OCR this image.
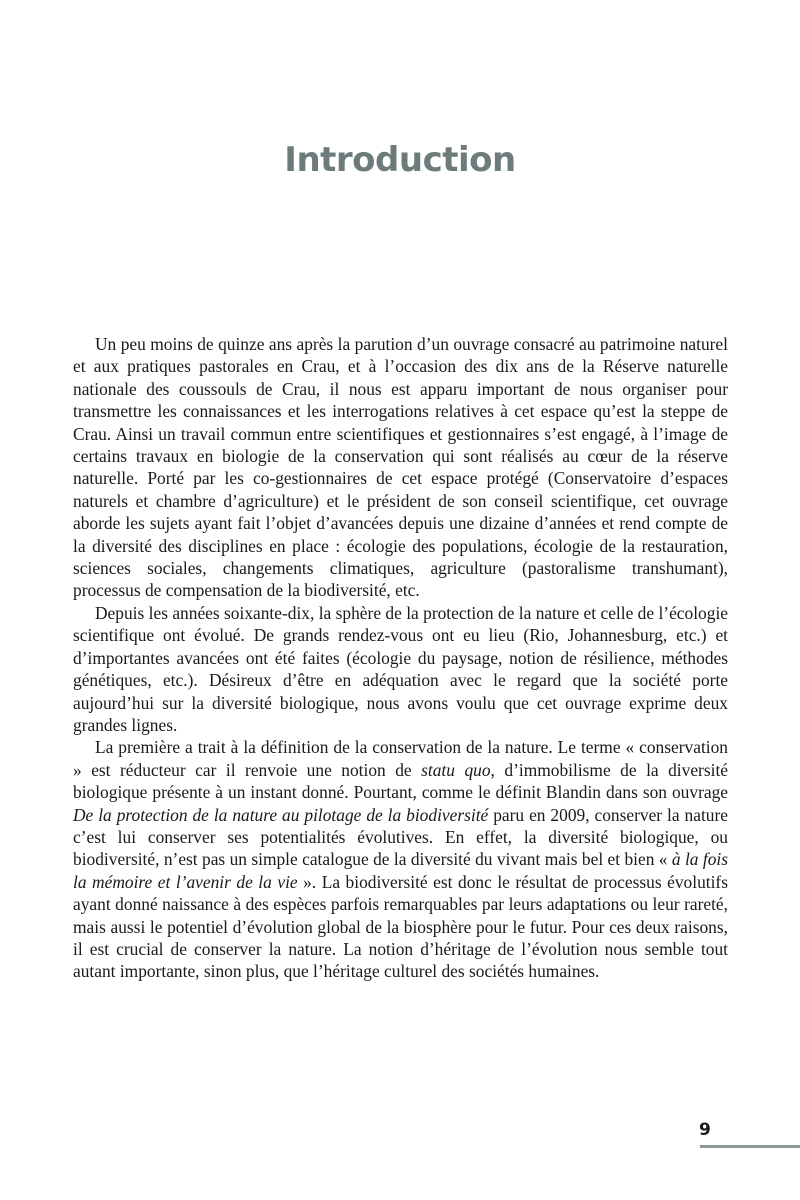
Introduction

Un peu moins de quinze ans après la parution d’un ouvrage consacré au patrimoine naturel et aux pratiques pastorales en Crau, et à l’occasion des dix ans de la Réserve naturelle nationale des coussouls de Crau, il nous est apparu important de nous organiser pour transmettre les connaissances et les interrogations relatives à cet espace qu’est la steppe de Crau. Ainsi un travail commun entre scientifiques et gestionnaires s’est engagé, à l’image de certains travaux en biologie de la conservation qui sont réalisés au cœur de la réserve naturelle. Porté par les co-gestionnaires de cet espace protégé (Conservatoire d’espaces naturels et chambre d’agriculture) et le président de son conseil scientifique, cet ouvrage aborde les sujets ayant fait l’objet d’avancées depuis une dizaine d’années et rend compte de la diversité des disciplines en place : écologie des populations, écologie de la restauration, sciences sociales, changements climatiques, agriculture (pastoralisme transhumant), processus de compensation de la biodiversité, etc.

Depuis les années soixante-dix, la sphère de la protection de la nature et celle de l’écologie scientifique ont évolué. De grands rendez-vous ont eu lieu (Rio, Johannesburg, etc.) et d’importantes avancées ont été faites (écologie du paysage, notion de résilience, méthodes génétiques, etc.). Désireux d’être en adéquation avec le regard que la société porte aujourd’hui sur la diversité biologique, nous avons voulu que cet ouvrage exprime deux grandes lignes.

La première a trait à la définition de la conservation de la nature. Le terme « conservation » est réducteur car il renvoie une notion de statu quo, d’immobilisme de la diversité biologique présente à un instant donné. Pourtant, comme le définit Blandin dans son ouvrage De la protection de la nature au pilotage de la biodiversité paru en 2009, conserver la nature c’est lui conserver ses potentialités évolutives. En effet, la diversité biologique, ou biodiversité, n’est pas un simple catalogue de la diversité du vivant mais bel et bien « à la fois la mémoire et l’avenir de la vie ». La biodiversité est donc le résultat de processus évolutifs ayant donné naissance à des espèces parfois remarquables par leurs adaptations ou leur rareté, mais aussi le potentiel d’évolution global de la biosphère pour le futur. Pour ces deux raisons, il est crucial de conserver la nature. La notion d’héritage de l’évolution nous semble tout autant importante, sinon plus, que l’héritage culturel des sociétés humaines.

9
